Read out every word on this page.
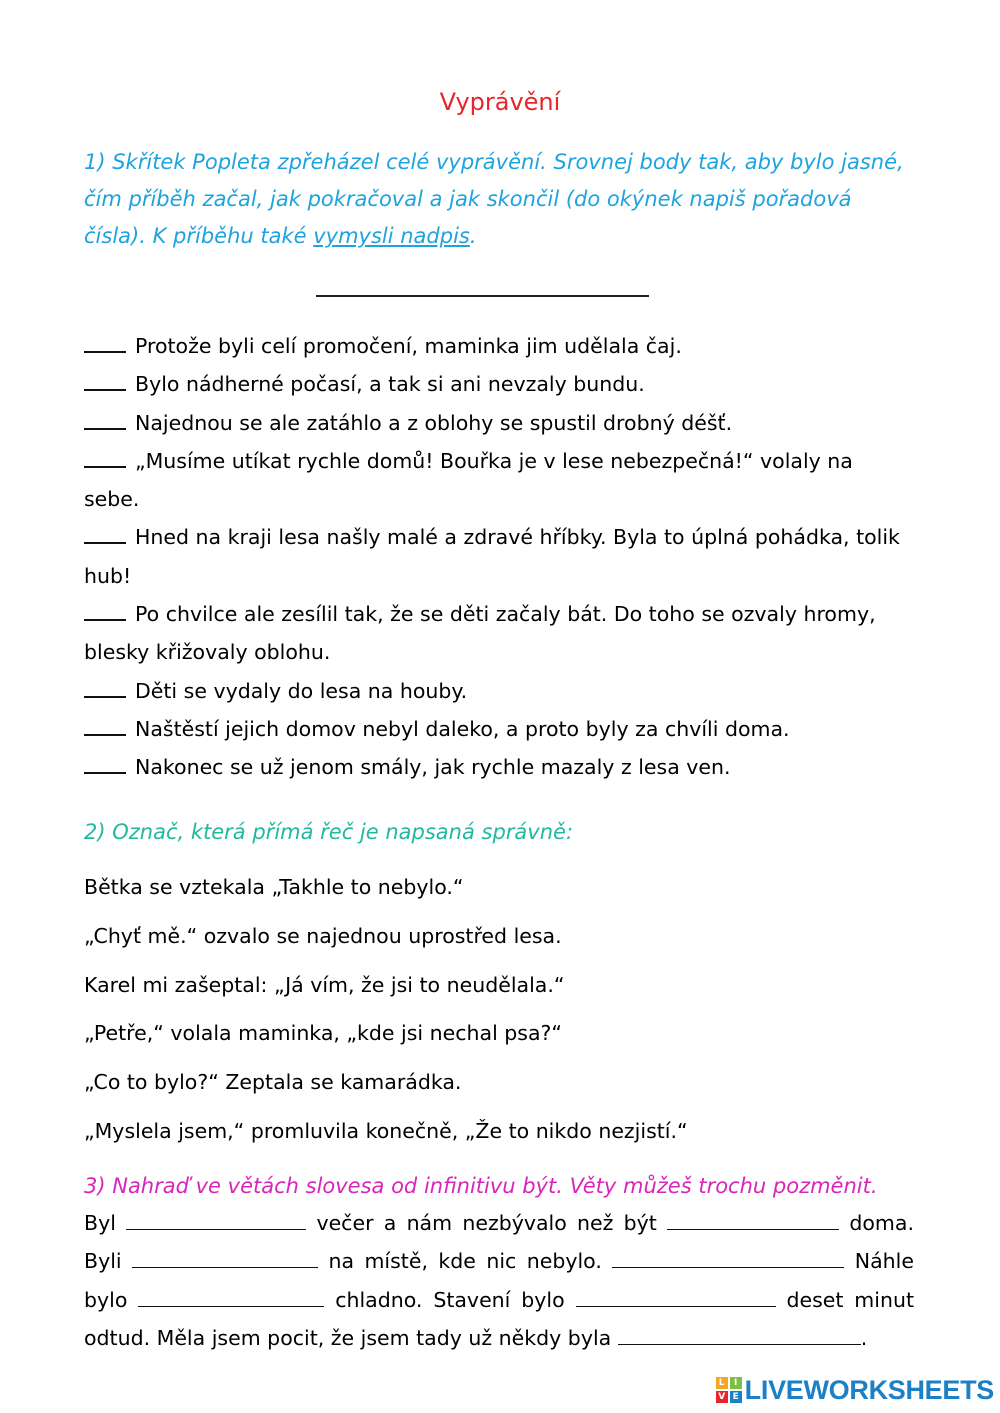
Vyprávění

1) Skřítek Popleta zpřeházel celé vyprávění. Srovnej body tak, aby bylo jasné, čím příběh začal, jak pokračoval a jak skončil (do okýnek napiš pořadová čísla). K příběhu také vymysli nadpis.

Protože byli celí promočení, maminka jim udělala čaj.
Bylo nádherné počasí, a tak si ani nevzaly bundu.
Najednou se ale zatáhlo a z oblohy se spustil drobný déšť.
„Musíme utíkat rychle domů! Bouřka je v lese nebezpečná!“ volaly na sebe.
Hned na kraji lesa našly malé a zdravé hříbky. Byla to úplná pohádka, tolik hub!
Po chvilce ale zesílil tak, že se děti začaly bát. Do toho se ozvaly hromy, blesky křižovaly oblohu.
Děti se vydaly do lesa na houby.
Naštěstí jejich domov nebyl daleko, a proto byly za chvíli doma.
Nakonec se už jenom smály, jak rychle mazaly z lesa ven.

2) Označ, která přímá řeč je napsaná správně:

Bětka se vztekala „Takhle to nebylo.“
„Chyť mě.“ ozvalo se najednou uprostřed lesa.
Karel mi zašeptal: „Já vím, že jsi to neudělala.“
„Petře,“ volala maminka, „kde jsi nechal psa?“
„Co to bylo?“ Zeptala se kamarádka.
„Myslela jsem,“ promluvila konečně, „Že to nikdo nezjistí.“

3) Nahraď ve větách slovesa od infinitivu být. Věty můžeš trochu pozměnit.

Byl	večer a nám nezbývalo než být	doma.
Byli	na místě, kde nic nebylo.	Náhle
bylo	chladno. Stavení bylo	deset minut
odtud. Měla jsem pocit, že jsem tady už někdy byla	.
L	I
V E LIVEWORKSHEETS
